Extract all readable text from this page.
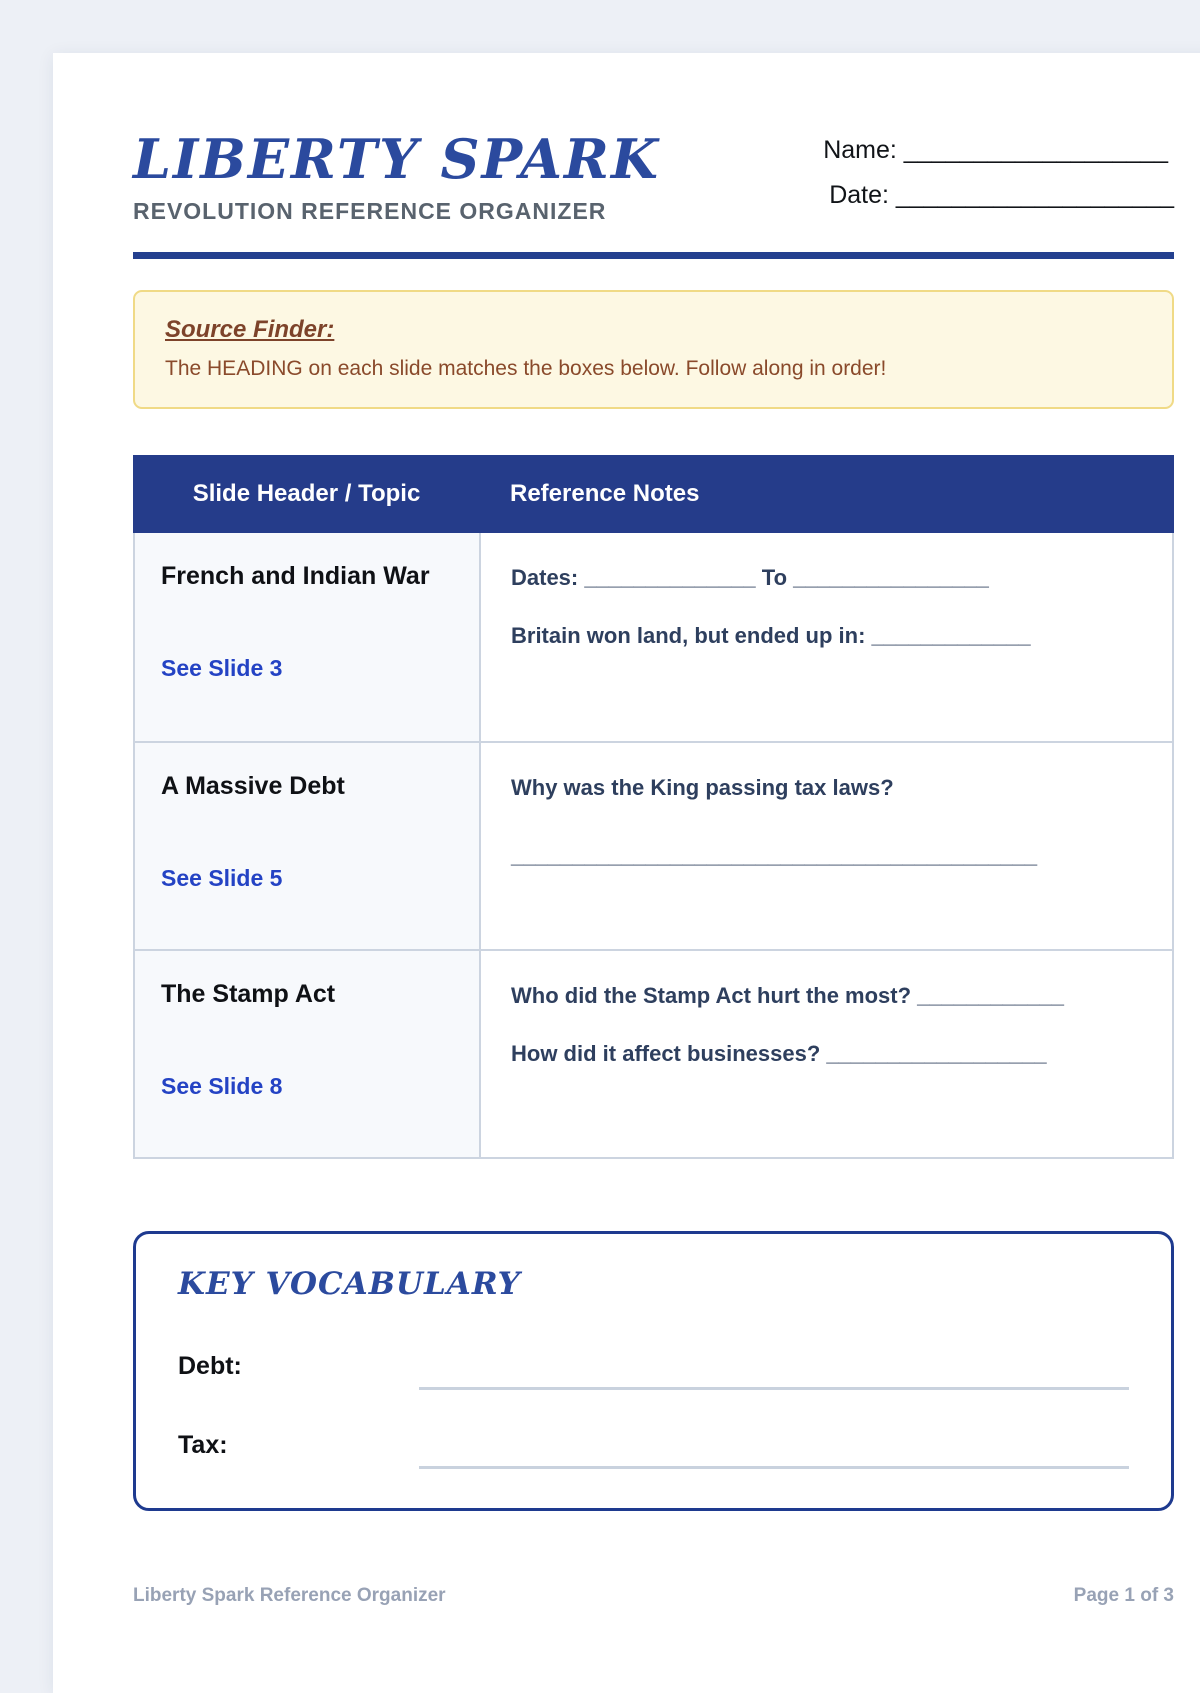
LIBERTY SPARK
REVOLUTION REFERENCE ORGANIZER
Name: ___________________
Date: ____________________
Source Finder:
The HEADING on each slide matches the boxes below. Follow along in order!
Slide Header / Topic	Reference Notes
French and Indian War
See Slide 3
Dates: ______________ To ________________
Britain won land, but ended up in: _____________
A Massive Debt
See Slide 5
Why was the King passing tax laws?
___________________________________________
The Stamp Act
See Slide 8
Who did the Stamp Act hurt the most? ____________
How did it affect businesses? __________________
KEY VOCABULARY
Debt:
Tax:
Liberty Spark Reference Organizer	Page 1 of 3
